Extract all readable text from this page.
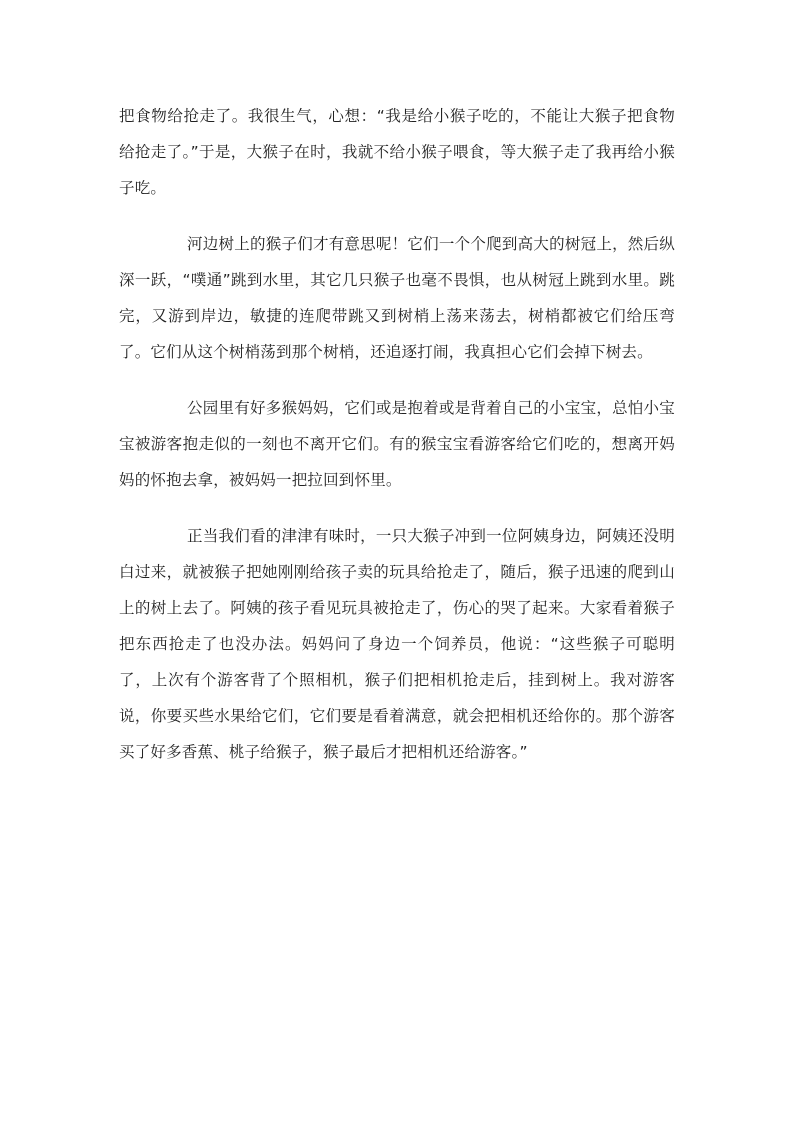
把食物给抢走了。我很生气，心想：“我是给小猴子吃的，不能让大猴子把食物给抢走了。”于是，大猴子在时，我就不给小猴子喂食，等大猴子走了我再给小猴子吃。

河边树上的猴子们才有意思呢！它们一个个爬到高大的树冠上，然后纵深一跃，“噗通”跳到水里，其它几只猴子也毫不畏惧，也从树冠上跳到水里。跳完，又游到岸边，敏捷的连爬带跳又到树梢上荡来荡去，树梢都被它们给压弯了。它们从这个树梢荡到那个树梢，还追逐打闹，我真担心它们会掉下树去。

公园里有好多猴妈妈，它们或是抱着或是背着自己的小宝宝，总怕小宝宝被游客抱走似的一刻也不离开它们。有的猴宝宝看游客给它们吃的，想离开妈妈的怀抱去拿，被妈妈一把拉回到怀里。

正当我们看的津津有味时，一只大猴子冲到一位阿姨身边，阿姨还没明白过来，就被猴子把她刚刚给孩子卖的玩具给抢走了，随后，猴子迅速的爬到山上的树上去了。阿姨的孩子看见玩具被抢走了，伤心的哭了起来。大家看着猴子把东西抢走了也没办法。妈妈问了身边一个饲养员，他说：“这些猴子可聪明了，上次有个游客背了个照相机，猴子们把相机抢走后，挂到树上。我对游客说，你要买些水果给它们，它们要是看着满意，就会把相机还给你的。那个游客买了好多香蕉、桃子给猴子，猴子最后才把相机还给游客。”
